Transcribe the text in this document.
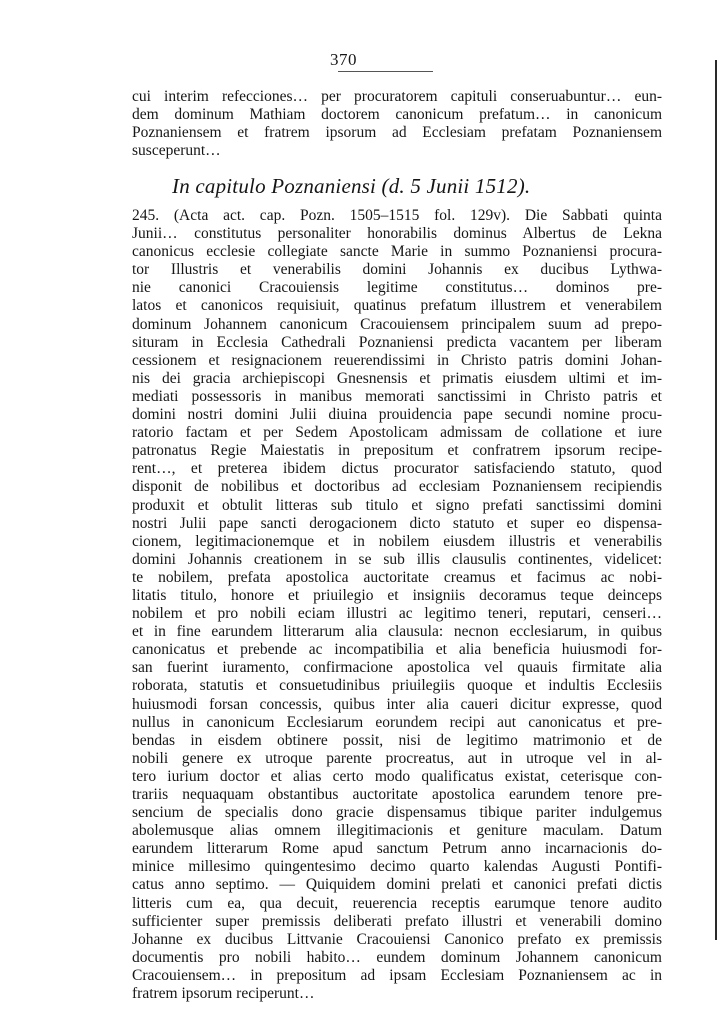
370
cui interim refecciones… per procuratorem capituli conseruabuntur… eun-
dem dominum Mathiam doctorem canonicum prefatum… in canonicum
Poznaniensem et fratrem ipsorum ad Ecclesiam prefatam Poznaniensem
susceperunt…
In capitulo Poznaniensi (d. 5 Junii 1512).
245. (Acta act. cap. Pozn. 1505–1515 fol. 129v). Die Sabbati quinta
Junii… constitutus personaliter honorabilis dominus Albertus de Lekna
canonicus ecclesie collegiate sancte Marie in summo Poznaniensi procura-
tor Illustris et venerabilis domini Johannis ex ducibus Lythwa-
nie canonici Cracouiensis legitime constitutus… dominos pre-
latos et canonicos requisiuit, quatinus prefatum illustrem et venerabilem
dominum Johannem canonicum Cracouiensem principalem suum ad prepo-
situram in Ecclesia Cathedrali Poznaniensi predicta vacantem per liberam
cessionem et resignacionem reuerendissimi in Christo patris domini Johan-
nis dei gracia archiepiscopi Gnesnensis et primatis eiusdem ultimi et im-
mediati possessoris in manibus memorati sanctissimi in Christo patris et
domini nostri domini Julii diuina prouidencia pape secundi nomine procu-
ratorio factam et per Sedem Apostolicam admissam de collatione et iure
patronatus Regie Maiestatis in prepositum et confratrem ipsorum recipe-
rent…, et preterea ibidem dictus procurator satisfaciendo statuto, quod
disponit de nobilibus et doctoribus ad ecclesiam Poznaniensem recipiendis
produxit et obtulit litteras sub titulo et signo prefati sanctissimi domini
nostri Julii pape sancti derogacionem dicto statuto et super eo dispensa-
cionem, legitimacionemque et in nobilem eiusdem illustris et venerabilis
domini Johannis creationem in se sub illis clausulis continentes, videlicet:
te nobilem, prefata apostolica auctoritate creamus et facimus ac nobi-
litatis titulo, honore et priuilegio et insigniis decoramus teque deinceps
nobilem et pro nobili eciam illustri ac legitimo teneri, reputari, censeri…
et in fine earundem litterarum alia clausula: necnon ecclesiarum, in quibus
canonicatus et prebende ac incompatibilia et alia beneficia huiusmodi for-
san fuerint iuramento, confirmacione apostolica vel quauis firmitate alia
roborata, statutis et consuetudinibus priuilegiis quoque et indultis Ecclesiis
huiusmodi forsan concessis, quibus inter alia caueri dicitur expresse, quod
nullus in canonicum Ecclesiarum eorundem recipi aut canonicatus et pre-
bendas in eisdem obtinere possit, nisi de legitimo matrimonio et de
nobili genere ex utroque parente procreatus, aut in utroque vel in al-
tero iurium doctor et alias certo modo qualificatus existat, ceterisque con-
trariis nequaquam obstantibus auctoritate apostolica earundem tenore pre-
sencium de specialis dono gracie dispensamus tibique pariter indulgemus
abolemusque alias omnem illegitimacionis et geniture maculam. Datum
earundem litterarum Rome apud sanctum Petrum anno incarnacionis do-
minice millesimo quingentesimo decimo quarto kalendas Augusti Pontifi-
catus anno septimo. — Quiquidem domini prelati et canonici prefati dictis
litteris cum ea, qua decuit, reuerencia receptis earumque tenore audito
sufficienter super premissis deliberati prefato illustri et venerabili domino
Johanne ex ducibus Littvanie Cracouiensi Canonico prefato ex premissis
documentis pro nobili habito… eundem dominum Johannem canonicum
Cracouiensem… in prepositum ad ipsam Ecclesiam Poznaniensem ac in
fratrem ipsorum reciperunt…
